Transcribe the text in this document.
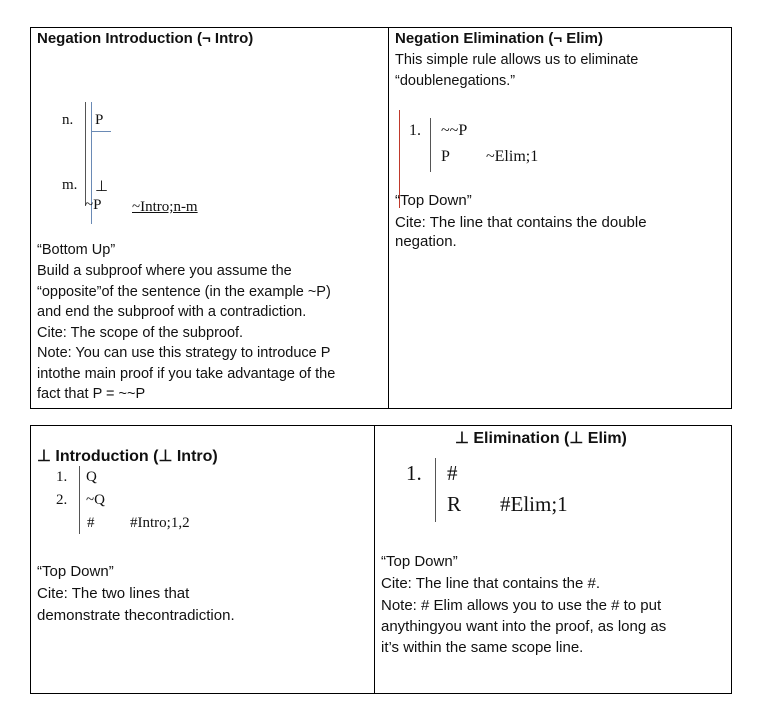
Negation Introduction (¬ Intro)
n. P
m. ⊥
~P ~Intro;n-m
“Bottom Up”
Build a subproof where you assume the
“opposite”of the sentence (in the example ~P)
and end the subproof with a contradiction.
Cite: The scope of the subproof.
Note: You can use this strategy to introduce P
intothe main proof if you take advantage of the
fact that P = ~~P
Negation Elimination (¬ Elim)
This simple rule allows us to eliminate
“doublenegations.”
1. ~~P
P ~Elim;1
“Top Down”
Cite: The line that contains the double
negation.
⊥ Introduction (⊥ Intro)
1. Q
2. ~Q
# #Intro;1,2
“Top Down”
Cite: The two lines that
demonstrate thecontradiction.
⊥ Elimination (⊥ Elim)
1. #
R #Elim;1
“Top Down”
Cite: The line that contains the #.
Note: # Elim allows you to use the # to put
anythingyou want into the proof, as long as
it’s within the same scope line.
